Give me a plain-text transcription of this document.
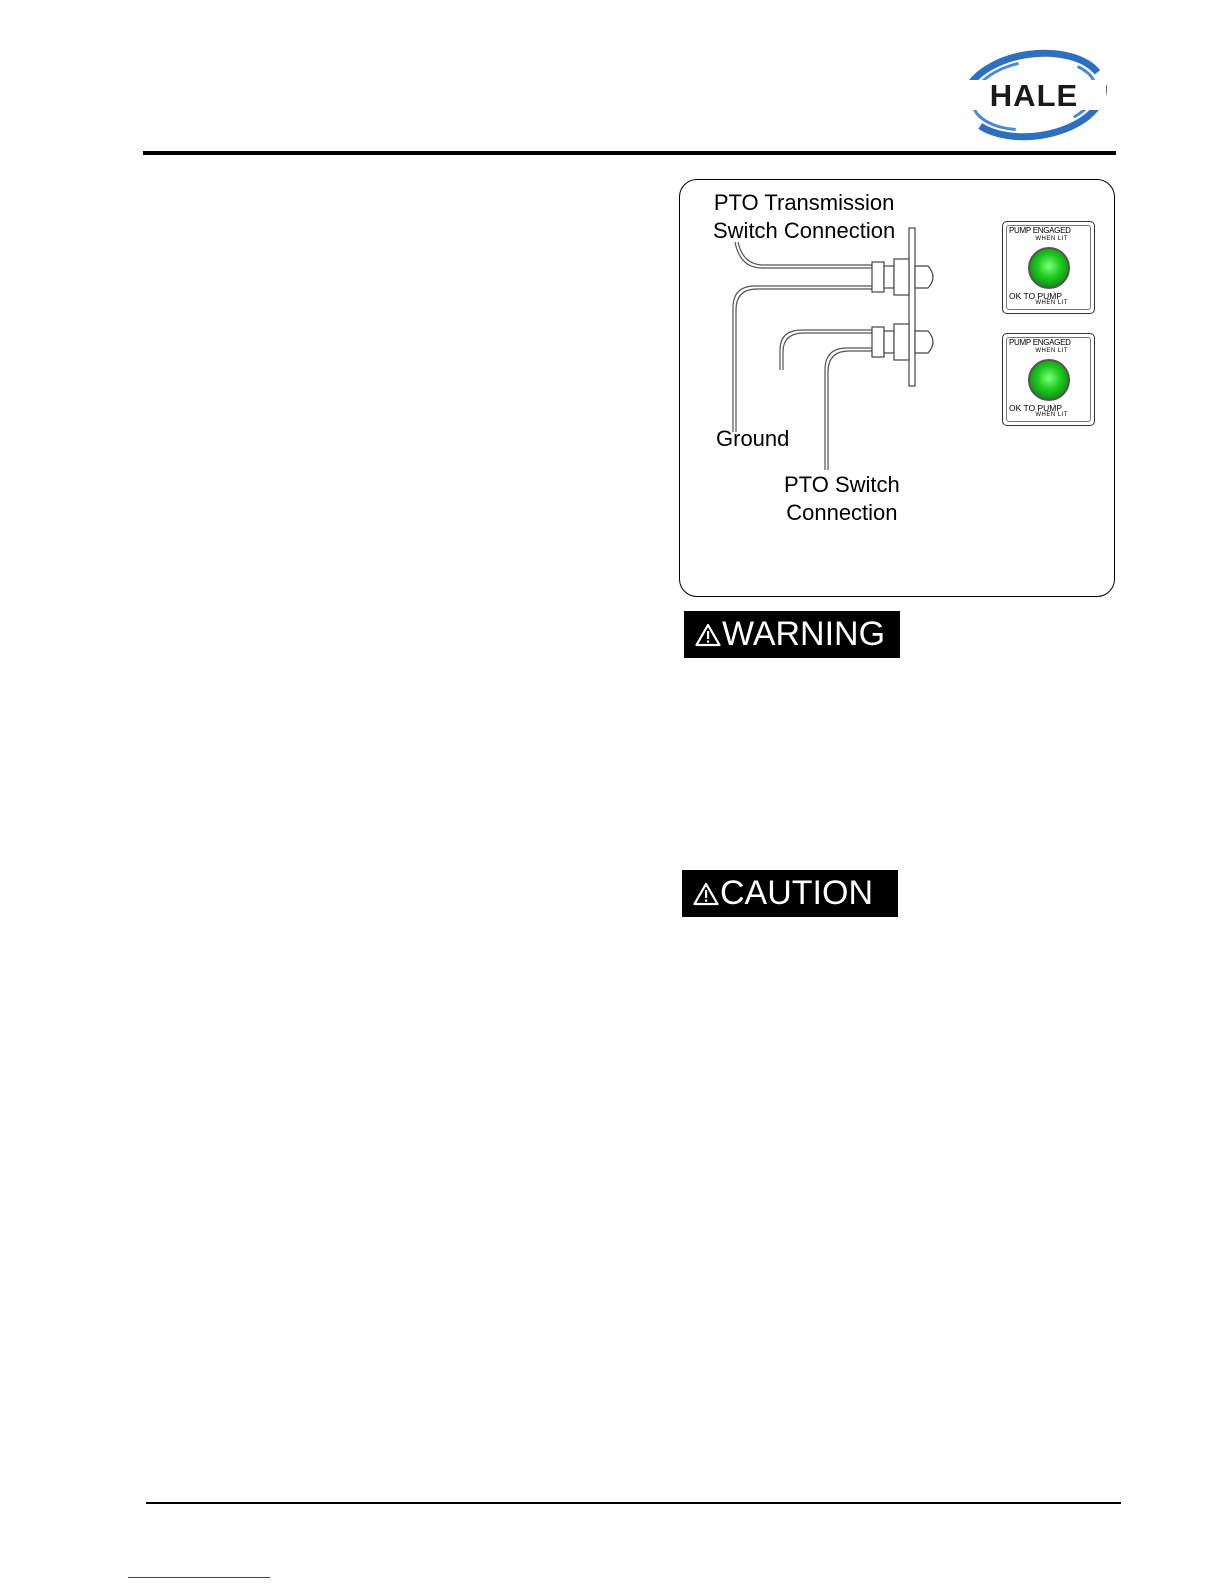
HALE
PTO Transmission
Switch Connection
Ground
PTO Switch
Connection
PUMP ENGAGED
WHEN LIT
OK TO PUMP
WHEN LIT
PUMP ENGAGED
WHEN LIT
OK TO PUMP
WHEN LIT
WARNING
CAUTION
